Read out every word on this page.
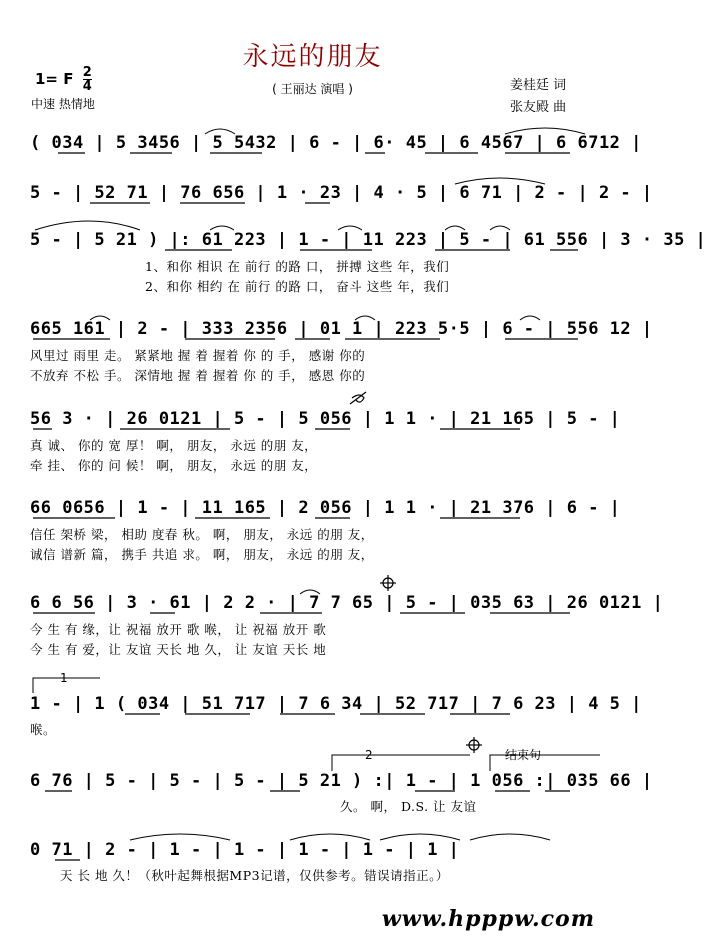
永远的朋友
( 王丽达 演唱 )
1= F $\frac{2}{4}$
中速 热情地
姜桂廷 词
张友殿 曲
( 034 | 5 3456 | 5 5432 | 6 - | 6· 45 | 6 4567 | 6 6712 |
5 - | 52 71 | 76 656 | 1 · 23 | 4 · 5 | 6 71 | 2 - | 2 - |
5 - | 5 21 ) |: 61 223 | 1 - | 11 223 | 5 - | 61 556 | 3 · 35 |
1、和你 相识 在 前行 的路 口， 拼搏 这些 年，我们
2、和你 相约 在 前行 的路 口， 奋斗 这些 年，我们
665 161 | 2 - | 333 2356 | 01 1 | 223 5·5 | 6 - | 556 12 |
风里过 雨里 走。 紧紧地 握 着 握着 你 的 手， 感谢 你的
不放弃 不松 手。 深情地 握 着 握着 你 的 手， 感恩 你的
56 3 · | 26 0121 | 5 - | 5 056 | 1 1 · | 21 165 | 5 - |
真 诚、 你的 宽 厚！ 啊， 朋友， 永远 的朋 友，
牵 挂、 你的 问 候！ 啊， 朋友， 永远 的朋 友，
66 0656 | 1 - | 11 165 | 2 056 | 1 1 · | 21 376 | 6 - |
信任 架桥 梁， 相助 度春 秋。 啊， 朋友， 永远 的朋 友，
诚信 谱新 篇， 携手 共追 求。 啊， 朋友， 永远 的朋 友，
6 6 56 | 3 · 61 | 2 2 · | 7 7 65 | 5 - | 035 63 | 26 0121 |
今 生 有 缘，让 祝福 放开 歌 喉， 让 祝福 放开 歌
今 生 有 爱，让 友谊 天长 地 久， 让 友谊 天长 地
1 - | 1 ( 034 | 51 717 | 7 6 34 | 52 717 | 7 6 23 | 4 5 |
喉。
6 76 | 5 - | 5 - | 5 - | 5 21 ) :| 1 - | 1 056 :| 035 66 |
久。 啊， D.S. 让 友谊
0 71 | 2 - | 1 - | 1 - | 1 - | 1 - | 1 |
天 长 地 久！（秋叶起舞根据MP3记谱，仅供参考。错误请指正。）
1
2	结束句
www.hpppw.com
